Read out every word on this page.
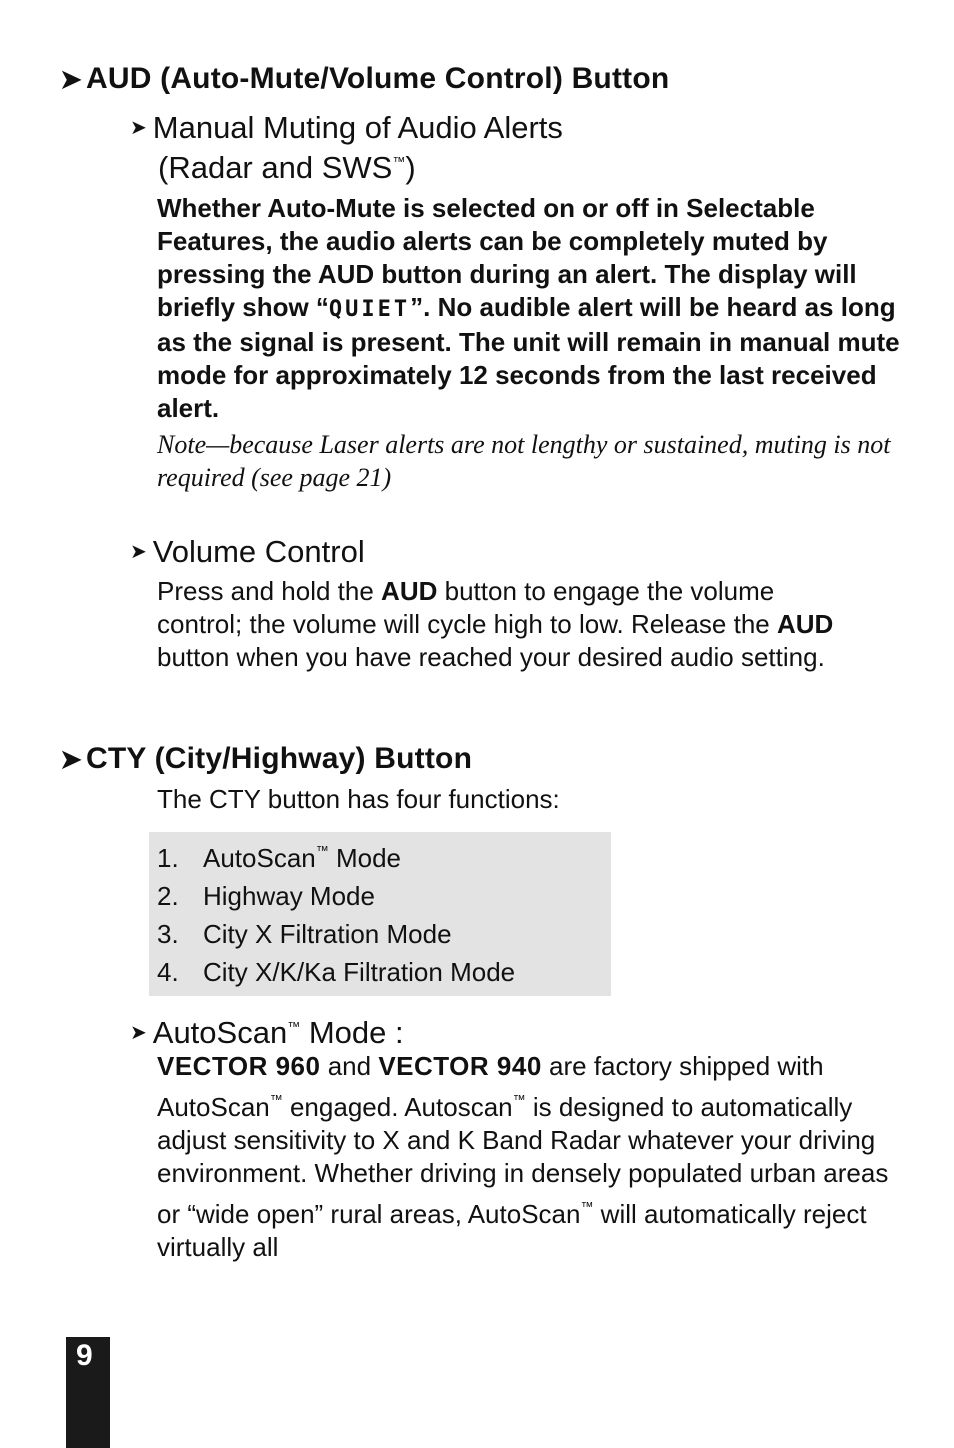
➤ AUD (Auto-Mute/Volume Control) Button
➤ Manual Muting of Audio Alerts
(Radar and SWS™)
Whether Auto-Mute is selected on or off in Selectable Features, the audio alerts can be completely muted by pressing the AUD button during an alert. The display will briefly show “QUIET”. No audible alert will be heard as long as the signal is present. The unit will remain in manual mute mode for approximately 12 seconds from the last received alert.
Note—because Laser alerts are not lengthy or sustained, muting is not required (see page 21)
➤ Volume Control
Press and hold the AUD button to engage the volume control; the volume will cycle high to low. Release the AUD button when you have reached your desired audio setting.
➤ CTY (City/Highway) Button
The CTY button has four functions:
1. AutoScan™ Mode
2. Highway Mode
3. City X Filtration Mode
4. City X/K/Ka Filtration Mode
➤ AutoScan™ Mode :
VECTOR 960 and VECTOR 940 are factory shipped with AutoScan™ engaged. Autoscan™ is designed to automatically adjust sensitivity to X and K Band Radar whatever your driving environment. Whether driving in densely populated urban areas or “wide open” rural areas, AutoScan™ will automatically reject virtually all
9
